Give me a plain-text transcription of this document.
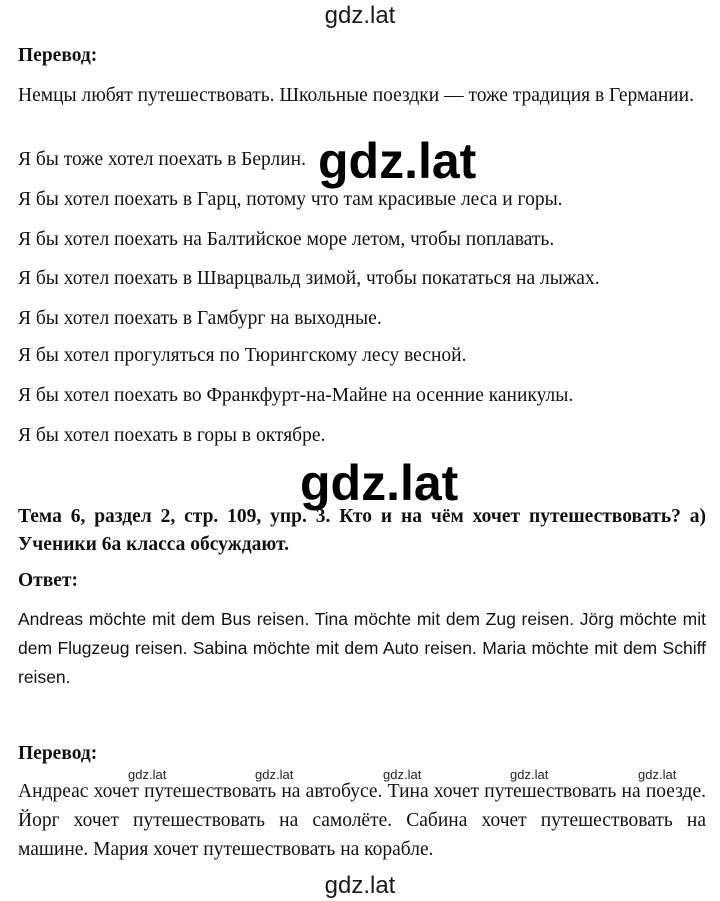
gdz.lat
Перевод:
Немцы любят путешествовать. Школьные поездки — тоже традиция в Германии.
Я бы тоже хотел поехать в Берлин.
Я бы хотел поехать в Гарц, потому что там красивые леса и горы.
Я бы хотел поехать на Балтийское море летом, чтобы поплавать.
Я бы хотел поехать в Шварцвальд зимой, чтобы покататься на лыжах.
Я бы хотел поехать в Гамбург на выходные.
Я бы хотел прогуляться по Тюрингскому лесу весной.
Я бы хотел поехать во Франкфурт-на-Майне на осенние каникулы.
Я бы хотел поехать в горы в октябре.
gdz.lat
gdz.lat
Тема 6, раздел 2, стр. 109, упр. 3. Кто и на чём хочет путешествовать? а) Ученики 6а класса обсуждают.
Ответ:
Andreas möchte mit dem Bus reisen. Tina möchte mit dem Zug reisen. Jörg möchte mit dem Flugzeug reisen. Sabina möchte mit dem Auto reisen. Maria möchte mit dem Schiff reisen.
Перевод:
gdz.lat	gdz.lat	gdz.lat	gdz.lat	gdz.lat
Андреас хочет путешествовать на автобусе. Тина хочет путешествовать на поезде. Йорг хочет путешествовать на самолёте. Сабина хочет путешествовать на машине. Мария хочет путешествовать на корабле.
gdz.lat
